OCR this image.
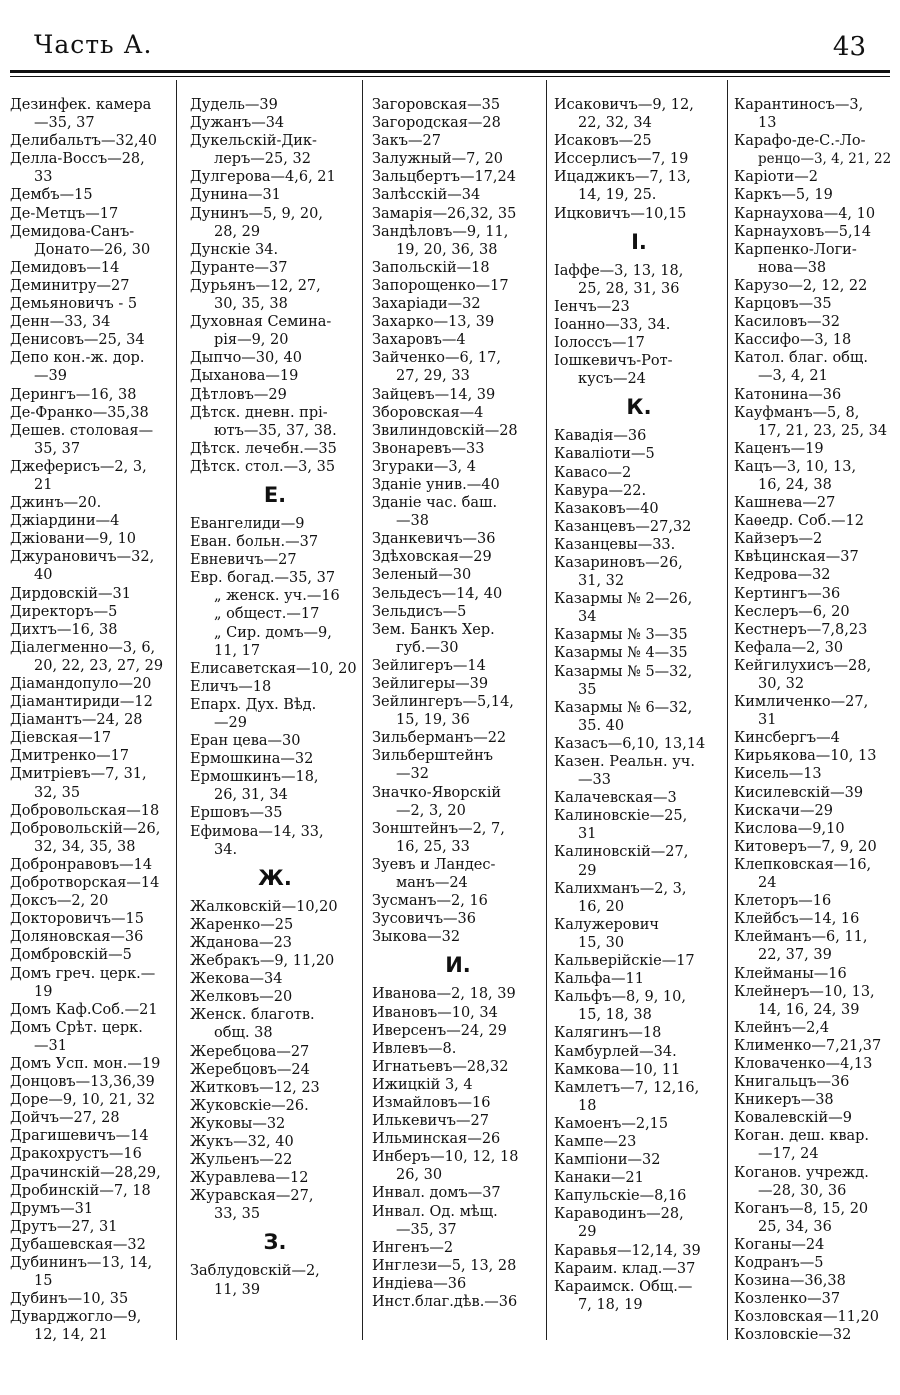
Часть А.	43
Дезинфек. камера
—35, 37
Делибальтъ—32,40
Делла-Воссъ—28,
33
Дембъ—15
Де-Метцъ—17
Демидова-Санъ-
Донато—26, 30
Демидовъ—14
Деминитру—27
Демьяновичъ - 5
Денн—33, 34
Денисовъ—25, 34
Депо кон.-ж. дор.
—39
Дерингъ—16, 38
Де-Франко—35,38
Дешев. столовая—
35, 37
Джеферисъ—2, 3,
21
Джинъ—20.
Джiардини—4
Джiовани—9, 10
Джурановичъ—32,
40
Дирдовскiй—31
Директоръ—5
Дихтъ—16, 38
Дiалегменно—3, 6,
20, 22, 23, 27, 29
Дiамандопуло—20
Дiамантириди—12
Дiамантъ—24, 28
Дiевская—17
Дмитренко—17
Дмитрiевъ—7, 31,
32, 35
Добровольская—18
Добровольскiй—26,
32, 34, 35, 38
Добронравовъ—14
Добротворская—14
Доксъ—2, 20
Докторовичъ—15
Доляновская—36
Домбровскiй—5
Домъ греч. церк.—
19
Домъ Каф.Соб.—21
Домъ Срѣт. церк.
—31
Домъ Усп. мон.—19
Донцовъ—13,36,39
Доре—9, 10, 21, 32
Дойчъ—27, 28
Драгишевичъ—14
Дракохрустъ—16
Драчинскiй—28,29,
Дробинскiй—7, 18
Друмъ—31
Друтъ—27, 31
Дубашевская—32
Дубининъ—13, 14,
15
Дубинъ—10, 35
Дуварджогло—9,
12, 14, 21
Дудель—39
Дужанъ—34
Дукельскiй-Дик-
леръ—25, 32
Дулгерова—4,6, 21
Дунина—31
Дунинъ—5, 9, 20,
28, 29
Дунскiе 34.
Дуранте—37
Дурьянъ—12, 27,
30, 35, 38
Духовная Семина-
рiя—9, 20
Дыпчо—30, 40
Дыханова—19
Дѣтловъ—29
Дѣтск. дневн. прi-
ютъ—35, 37, 38.
Дѣтск. лечебн.—35
Дѣтск. стол.—3, 35
Е.
Евангелиди—9
Еван. больн.—37
Евневичъ—27
Евр. богад.—35, 37
„ женск. уч.—16
„ общест.—17
„ Сир. домъ—9,
11, 17
Елисаветская—10, 20
Еличъ—18
Епарх. Дух. Вѣд.
—29
Еран цева—30
Ермошкина—32
Ермошкинъ—18,
26, 31, 34
Ершовъ—35
Ефимова—14, 33,
34.
Ж.
Жалковскiй—10,20
Жаренко—25
Жданова—23
Жебракъ—9, 11,20
Жекова—34
Желковъ—20
Женск. благотв.
общ. 38
Жеребцова—27
Жеребцовъ—24
Житковъ—12, 23
Жуковскiе—26.
Жуковы—32
Жукъ—32, 40
Жульенъ—22
Журавлева—12
Журавская—27,
33, 35
З.
Заблудовскiй—2,
11, 39
Загоровская—35
Загородская—28
Закъ—27
Залужный—7, 20
Зальцбертъ—17,24
Залѣсскiй—34
Замарiя—26,32, 35
Зандѣловъ—9, 11,
19, 20, 36, 38
Запольскiй—18
Запорощенко—17
Захарiади—32
Захарко—13, 39
Захаровъ—4
Зайченко—6, 17,
27, 29, 33
Зайцевъ—14, 39
Зборовская—4
Звилиндовскiй—28
Звонаревъ—33
Згураки—3, 4
Зданiе унив.—40
Зданiе час. баш.
—38
Зданкевичъ—36
Здѣховская—29
Зеленый—30
Зельдесъ—14, 40
Зельдисъ—5
Зем. Банкъ Хер.
губ.—30
Зейлигеръ—14
Зейлигеры—39
Зейлингеръ—5,14,
15, 19, 36
Зильберманъ—22
Зильберштейнъ
—32
Значко-Яворскiй
—2, 3, 20
Зонштейнъ—2, 7,
16, 25, 33
Зуевъ и Ландес-
манъ—24
Зусманъ—2, 16
Зусовичъ—36
Зыкова—32
И.
Иванова—2, 18, 39
Ивановъ—10, 34
Иверсенъ—24, 29
Ивлевъ—8.
Игнатьевъ—28,32
Ижицкiй 3, 4
Измайловъ—16
Илькевичъ—27
Ильминская—26
Инберъ—10, 12, 18
26, 30
Инвал. домъ—37
Инвал. Од. мѣщ.
—35, 37
Ингенъ—2
Инглези—5, 13, 28
Индiева—36
Инст.благ.дѣв.—36
Исаковичъ—9, 12,
22, 32, 34
Исаковъ—25
Иссерлисъ—7, 19
Ицаджикъ—7, 13,
14, 19, 25.
Ицковичъ—10,15
I.
Iаффе—3, 13, 18,
25, 28, 31, 36
Iенчъ—23
Iоанно—33, 34.
Iолоссъ—17
Iошкевичъ-Рот-
кусъ—24
К.
Кавадiя—36
Каваліоти—5
Кавасо—2
Кавура—22.
Казаковъ—40
Казанцевъ—27,32
Казанцевы—33.
Казариновъ—26,
31, 32
Казармы № 2—26,
34
Казармы № 3—35
Казармы № 4—35
Казармы № 5—32,
35
Казармы № 6—32,
35. 40
Казасъ—6,10, 13,14
Казен. Реальн. уч.
—33
Калачевская—3
Калиновскiе—25,
31
Калиновскiй—27,
29
Калихманъ—2, 3,
16, 20
Калужерович
15, 30
Кальверiйскiе—17
Кальфа—11
Кальфъ—8, 9, 10,
15, 18, 38
Калягинъ—18
Камбурлей—34.
Камкова—10, 11
Камлетъ—7, 12,16,
18
Камоенъ—2,15
Кампе—23
Кампiони—32
Канаки—21
Капульскiе—8,16
Караводинъ—28,
29
Каравья—12,14, 39
Караим. клад.—37
Караимск. Общ.—
7, 18, 19
Карантиносъ—3,
13
Карафо-де-С.-Ло-
ренцо—3, 4, 21, 22
Карiоти—2
Каркъ—5, 19
Карнаухова—4, 10
Карнауховъ—5,14
Карпенко-Логи-
нова—38
Карузо—2, 12, 22
Карцовъ—35
Касиловъ—32
Кассифо—3, 18
Катол. благ. общ.
—3, 4, 21
Катонина—36
Кауфманъ—5, 8,
17, 21, 23, 25, 34
Каценъ—19
Кацъ—3, 10, 13,
16, 24, 38
Кашнева—27
Каѳедр. Соб.—12
Кайзеръ—2
Квѣцинская—37
Кедрова—32
Кертингъ—36
Кеслеръ—6, 20
Кестнеръ—7,8,23
Кефала—2, 30
Кейгилухисъ—28,
30, 32
Кимличенко—27,
31
Кинсбергъ—4
Кирьякова—10, 13
Кисель—13
Кисилевскiй—39
Кискачи—29
Кислова—9,10
Китоверъ—7, 9, 20
Клепковская—16,
24
Клеторъ—16
Клейбсъ—14, 16
Клейманъ—6, 11,
22, 37, 39
Клейманы—16
Клейнеръ—10, 13,
14, 16, 24, 39
Клейнъ—2,4
Клименко—7,21,37
Кловаченко—4,13
Книгальцъ—36
Кникеръ—38
Ковалевскiй—9
Коган. деш. квар.
—17, 24
Коганов. учрежд.
—28, 30, 36
Коганъ—8, 15, 20
25, 34, 36
Коганы—24
Кодранъ—5
Козина—36,38
Козленко—37
Козловская—11,20
Козловскiе—32
